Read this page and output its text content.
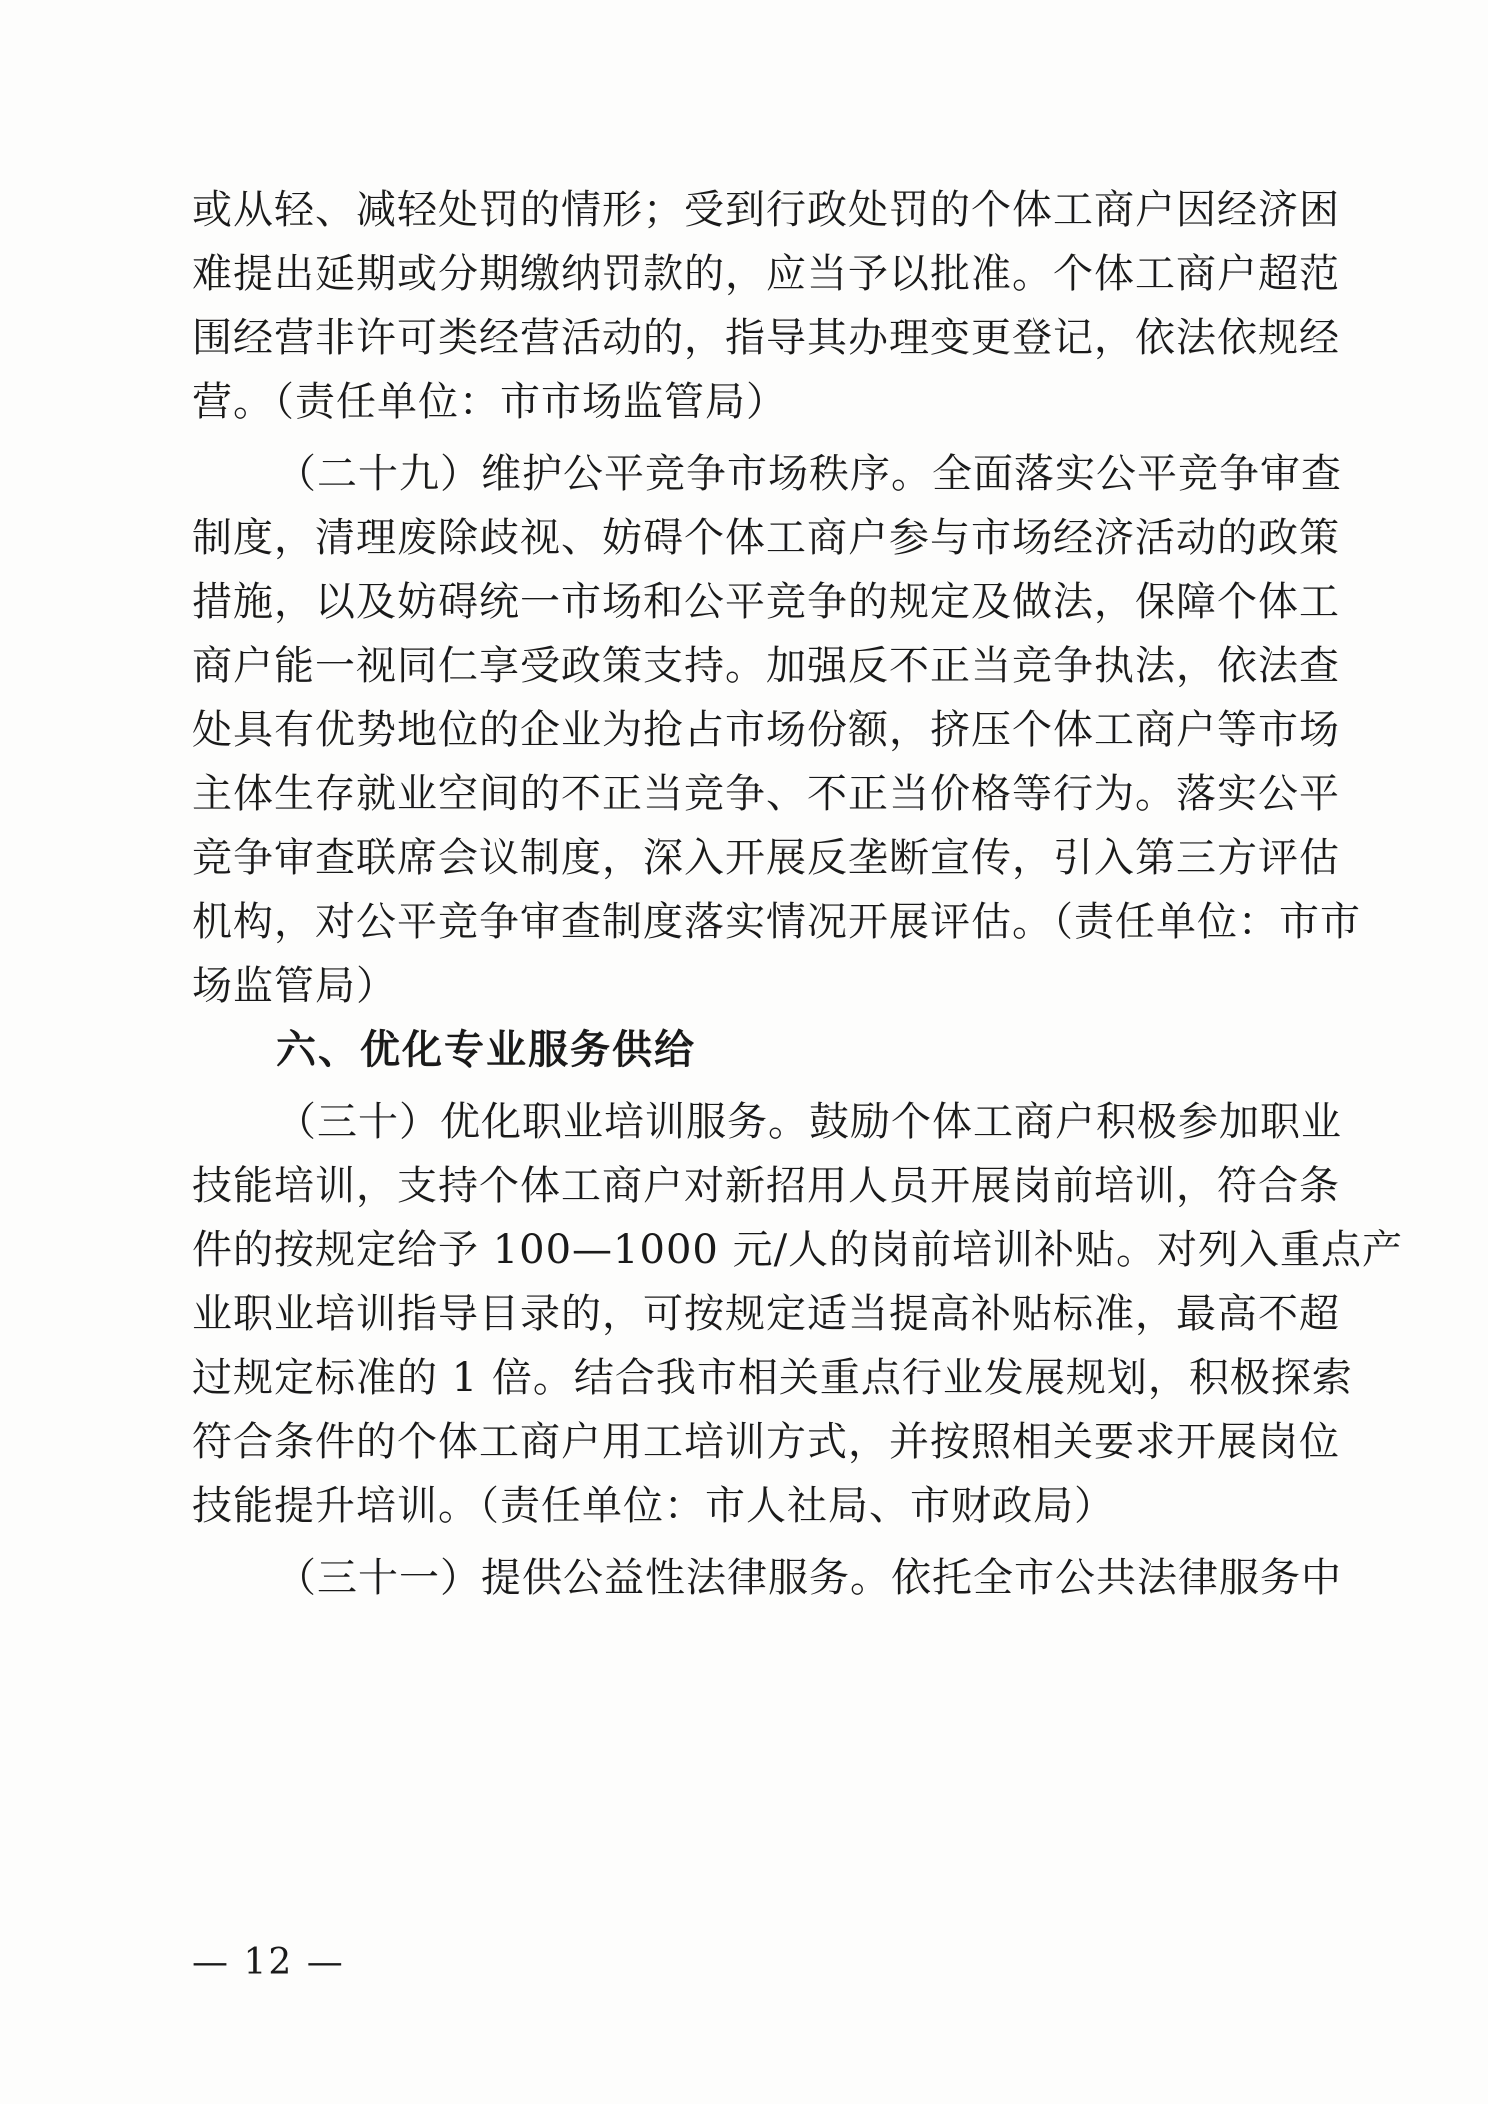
或从轻、减轻处罚的情形；受到行政处罚的个体工商户因经济困
难提出延期或分期缴纳罚款的，应当予以批准。个体工商户超范
围经营非许可类经营活动的，指导其办理变更登记，依法依规经
营。（责任单位：市市场监管局）
（二十九）维护公平竞争市场秩序。全面落实公平竞争审查
制度，清理废除歧视、妨碍个体工商户参与市场经济活动的政策
措施，以及妨碍统一市场和公平竞争的规定及做法，保障个体工
商户能一视同仁享受政策支持。加强反不正当竞争执法，依法查
处具有优势地位的企业为抢占市场份额，挤压个体工商户等市场
主体生存就业空间的不正当竞争、不正当价格等行为。落实公平
竞争审查联席会议制度，深入开展反垄断宣传，引入第三方评估
机构，对公平竞争审查制度落实情况开展评估。（责任单位：市市
场监管局）
六、优化专业服务供给
（三十）优化职业培训服务。鼓励个体工商户积极参加职业
技能培训，支持个体工商户对新招用人员开展岗前培训，符合条
件的按规定给予 100—1000 元/人的岗前培训补贴。对列入重点产
业职业培训指导目录的，可按规定适当提高补贴标准，最高不超
过规定标准的 1 倍。结合我市相关重点行业发展规划，积极探索
符合条件的个体工商户用工培训方式，并按照相关要求开展岗位
技能提升培训。（责任单位：市人社局、市财政局）
（三十一）提供公益性法律服务。依托全市公共法律服务中
— 12 —
